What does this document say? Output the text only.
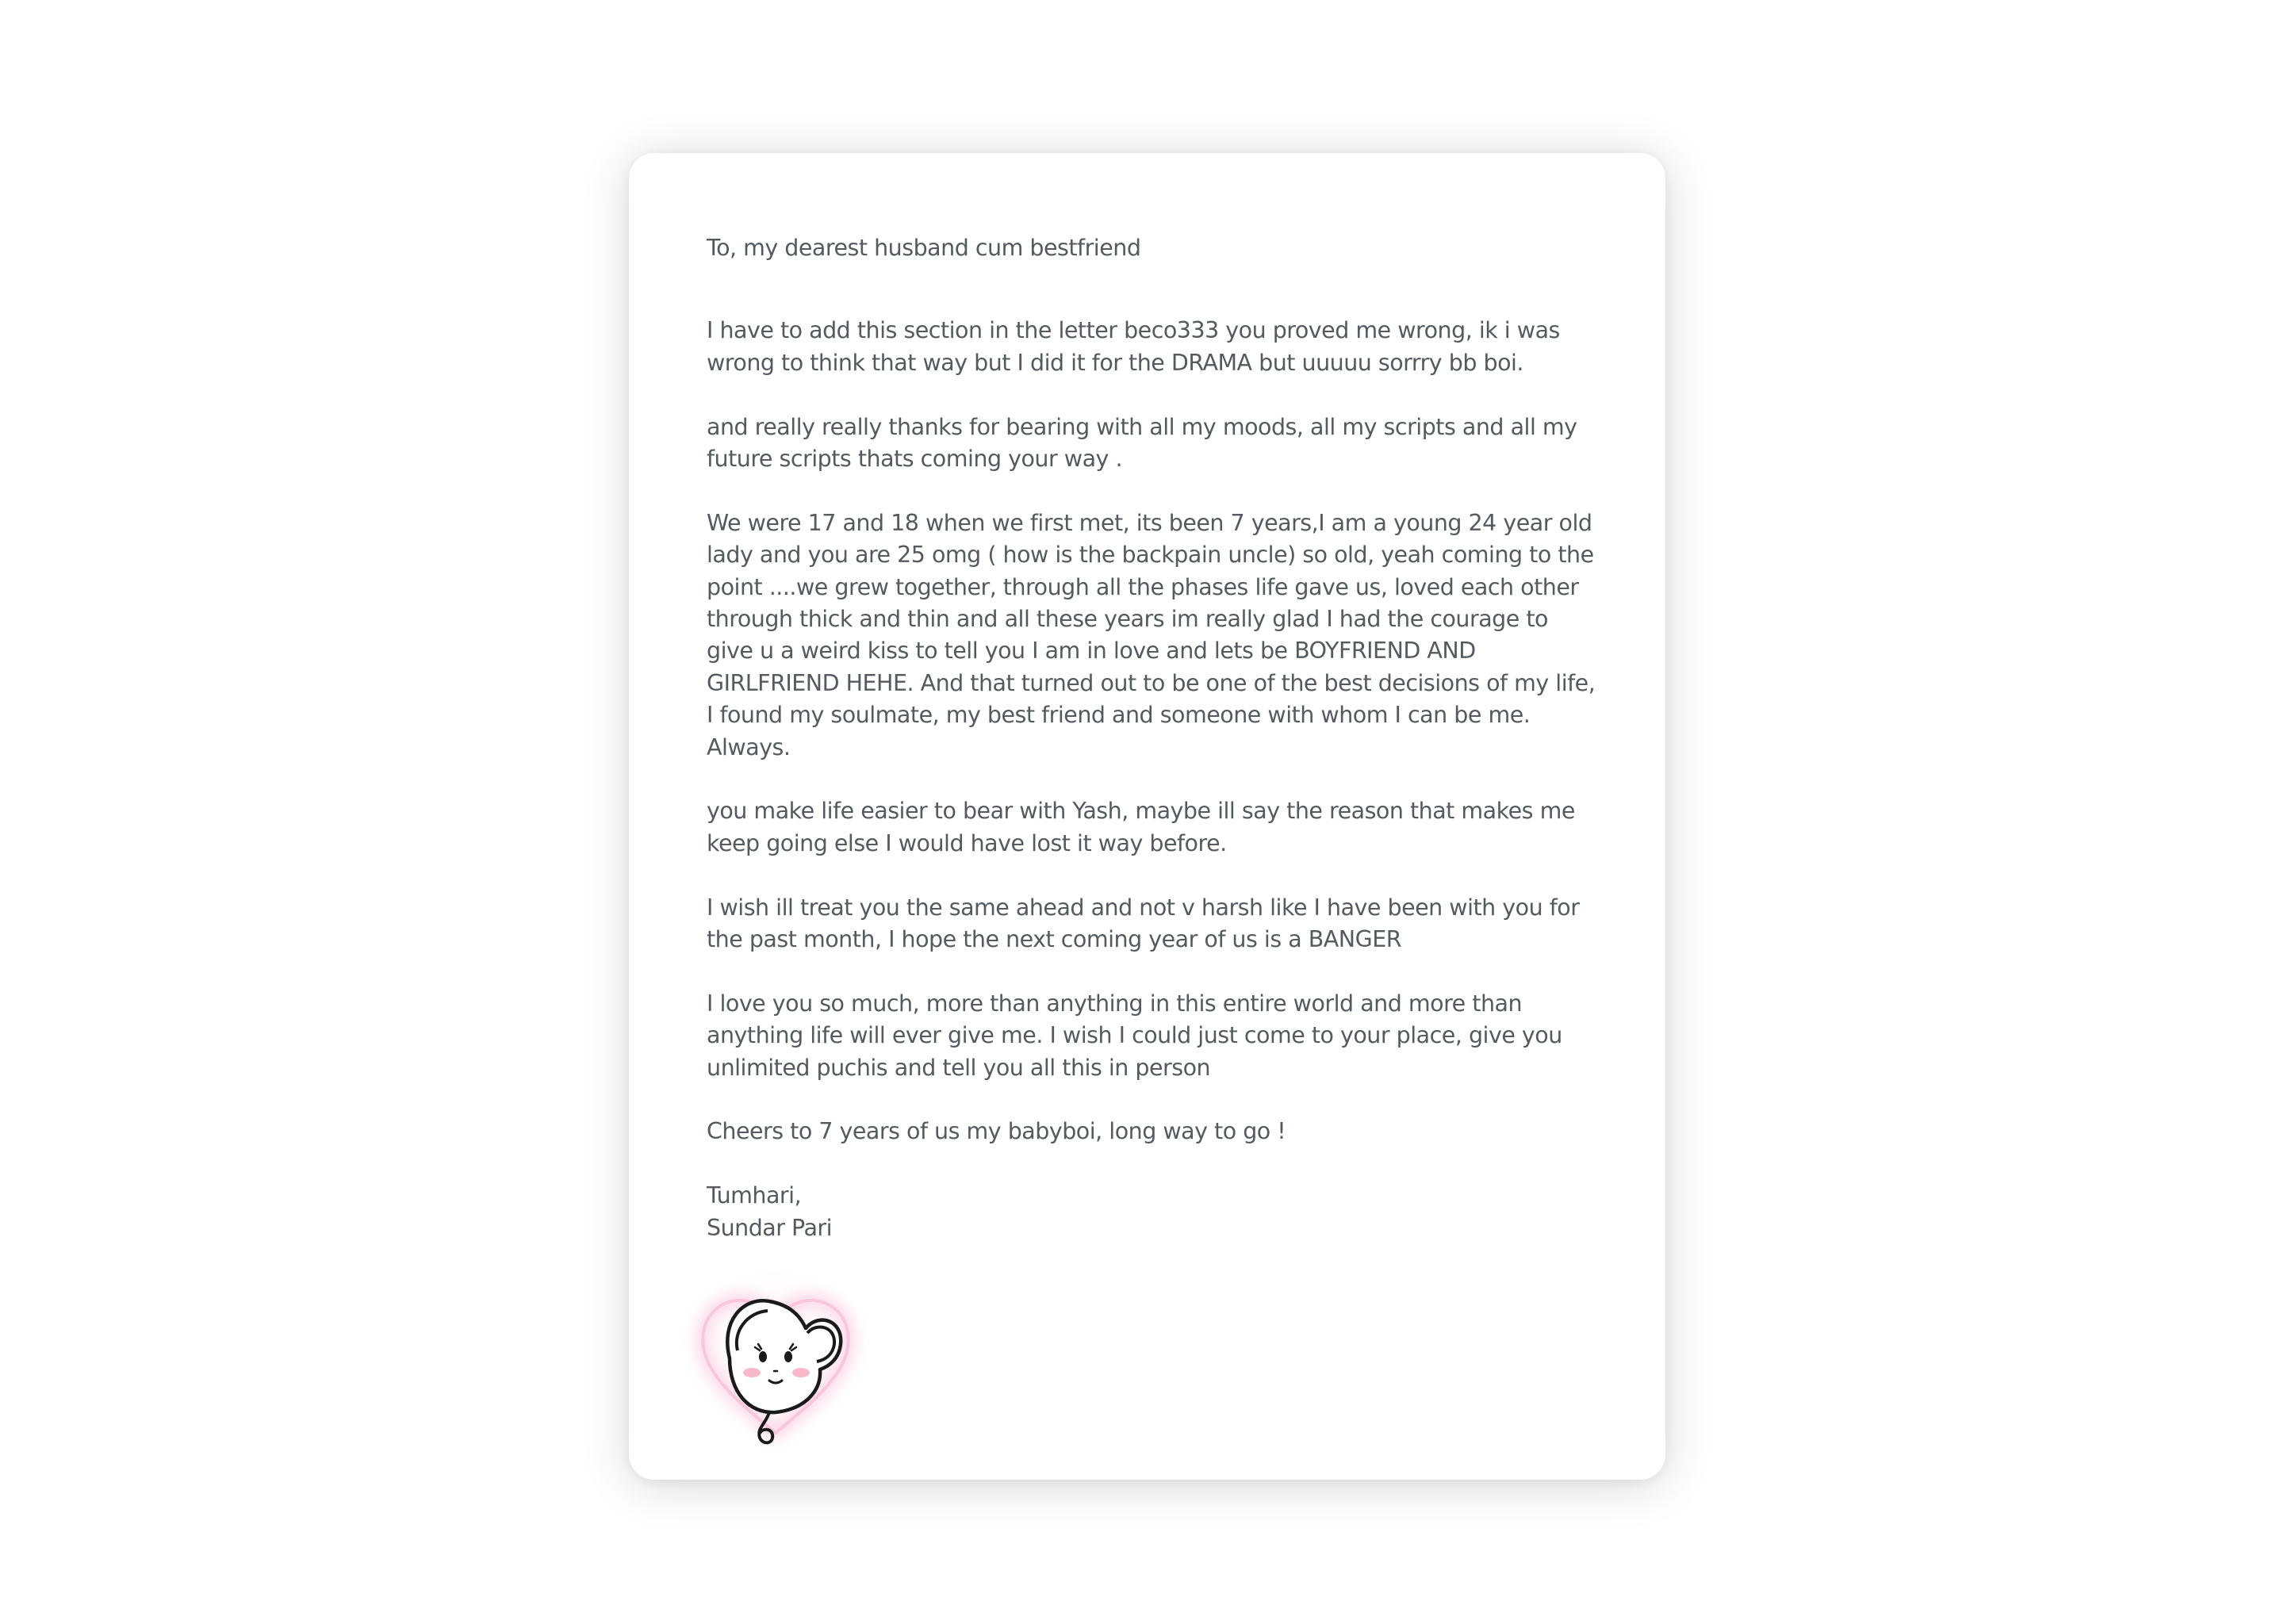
To, my dearest husband cum bestfriend

I have to add this section in the letter beco333 you proved me wrong, ik i was
wrong to think that way but I did it for the DRAMA but uuuuu sorrry bb boi.

and really really thanks for bearing with all my moods, all my scripts and all my
future scripts thats coming your way .

We were 17 and 18 when we first met, its been 7 years,I am a young 24 year old
lady and you are 25 omg ( how is the backpain uncle) so old, yeah coming to the
point ....we grew together, through all the phases life gave us, loved each other
through thick and thin and all these years im really glad I had the courage to
give u a weird kiss to tell you I am in love and lets be BOYFRIEND AND
GIRLFRIEND HEHE. And that turned out to be one of the best decisions of my life,
I found my soulmate, my best friend and someone with whom I can be me.
Always.

you make life easier to bear with Yash, maybe ill say the reason that makes me
keep going else I would have lost it way before.

I wish ill treat you the same ahead and not v harsh like I have been with you for
the past month, I hope the next coming year of us is a BANGER

I love you so much, more than anything in this entire world and more than
anything life will ever give me. I wish I could just come to your place, give you
unlimited puchis and tell you all this in person

Cheers to 7 years of us my babyboi, long way to go !

Tumhari,

Sundar Pari
